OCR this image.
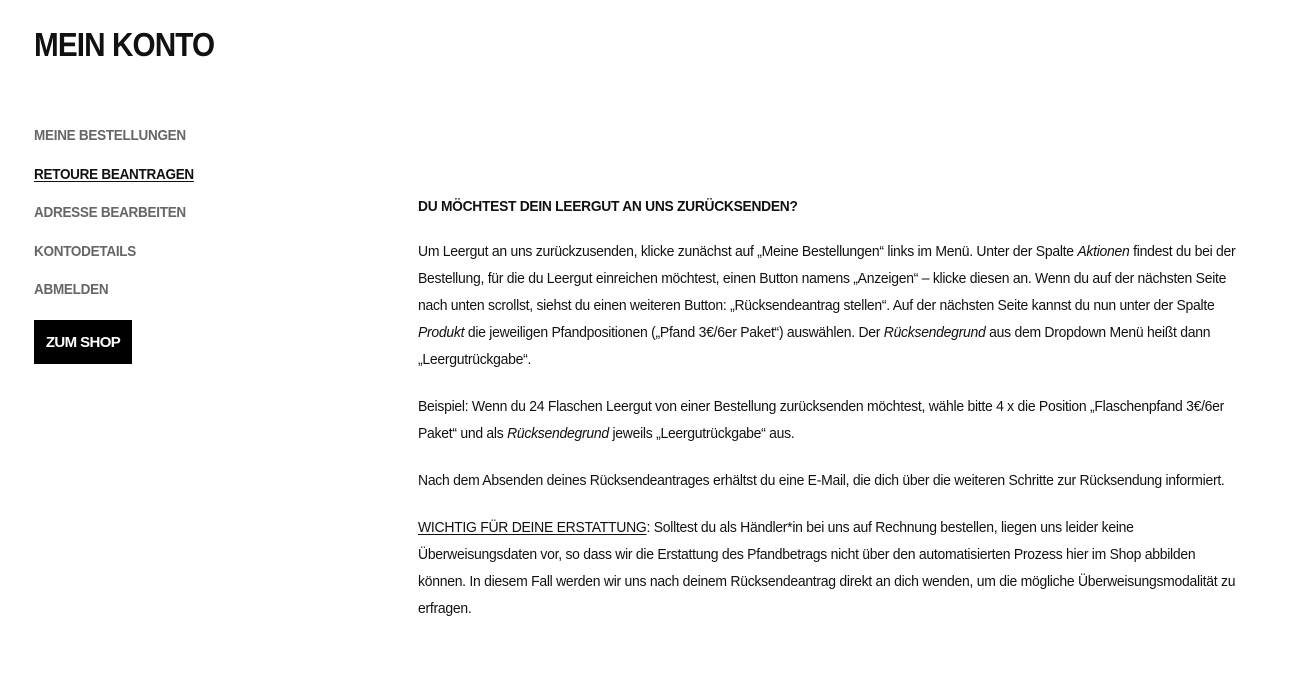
MEIN KONTO
MEINE BESTELLUNGEN
RETOURE BEANTRAGEN
ADRESSE BEARBEITEN
KONTODETAILS
ABMELDEN
ZUM SHOP
DU MÖCHTEST DEIN LEERGUT AN UNS ZURÜCKSENDEN?

Um Leergut an uns zurückzusenden, klicke zunächst auf „Meine Bestellungen“ links im Menü. Unter der Spalte Aktionen findest du bei der Bestellung, für die du Leergut einreichen möchtest, einen Button namens „Anzeigen“ – klicke diesen an. Wenn du auf der nächsten Seite nach unten scrollst, siehst du einen weiteren Button: „Rücksendeantrag stellen“. Auf der nächsten Seite kannst du nun unter der Spalte Produkt die jeweiligen Pfandpositionen („Pfand 3€/6er Paket“) auswählen. Der Rücksendegrund aus dem Dropdown Menü heißt dann „Leergutrückgabe“.

Beispiel: Wenn du 24 Flaschen Leergut von einer Bestellung zurücksenden möchtest, wähle bitte 4 x die Position „Flaschenpfand 3€/6er Paket“ und als Rücksendegrund jeweils „Leergutrückgabe“ aus.

Nach dem Absenden deines Rücksendeantrages erhältst du eine E-Mail, die dich über die weiteren Schritte zur Rücksendung informiert.

WICHTIG FÜR DEINE ERSTATTUNG: Solltest du als Händler*in bei uns auf Rechnung bestellen, liegen uns leider keine Überweisungsdaten vor, so dass wir die Erstattung des Pfandbetrags nicht über den automatisierten Prozess hier im Shop abbilden können. In diesem Fall werden wir uns nach deinem Rücksendeantrag direkt an dich wenden, um die mögliche Überweisungsmodalität zu erfragen.
